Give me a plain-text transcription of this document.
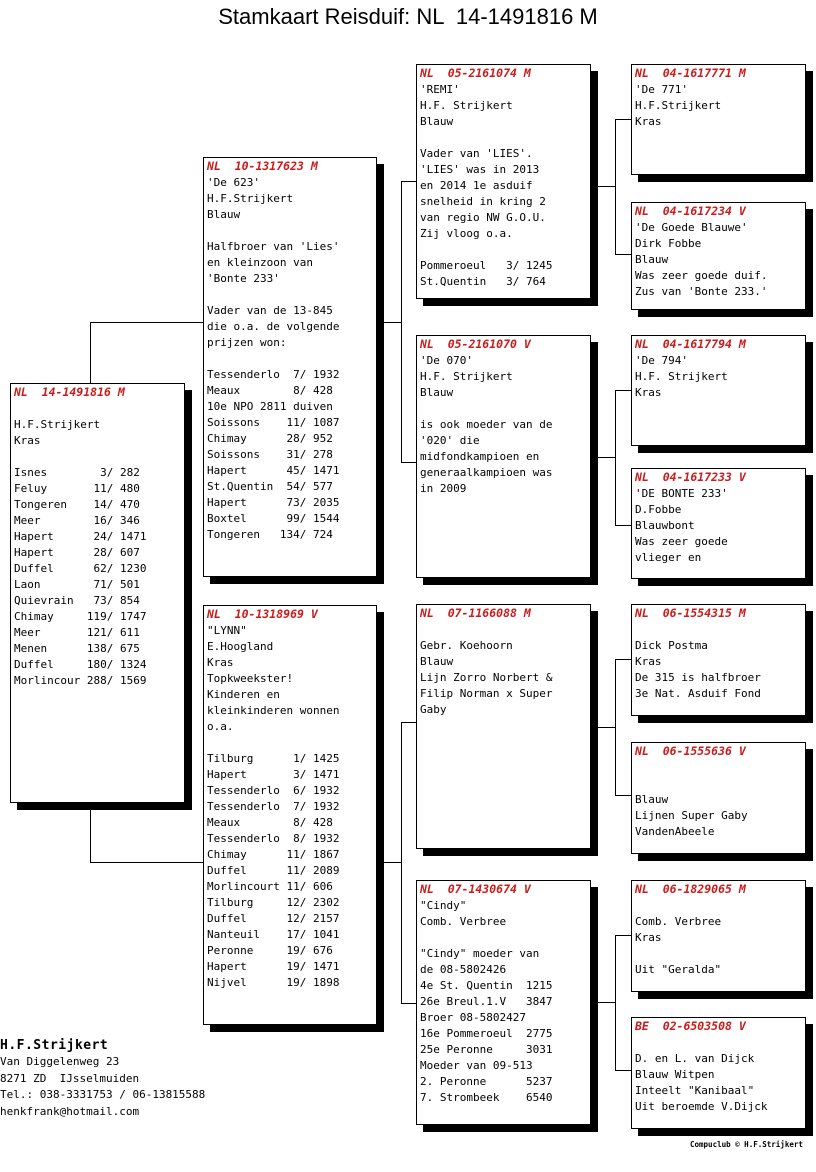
Stamkaart Reisduif: NL  14-1491816 M
NL  14-1491816 M
H.F.Strijkert
Kras
Isnes        3/ 282
Feluy       11/ 480
Tongeren    14/ 470
Meer        16/ 346
Hapert      24/ 1471
Hapert      28/ 607
Duffel      62/ 1230
Laon        71/ 501
Quievrain   73/ 854
Chimay     119/ 1747
Meer       121/ 611
Menen      138/ 675
Duffel     180/ 1324
Morlincour 288/ 1569
NL  10-1317623 M
'De 623'
H.F.Strijkert
Blauw
Halfbroer van 'Lies'
en kleinzoon van
'Bonte 233'
Vader van de 13-845
die o.a. de volgende
prijzen won:
Tessenderlo  7/ 1932
Meaux        8/ 428
10e NPO 2811 duiven
Soissons    11/ 1087
Chimay      28/ 952
Soissons    31/ 278
Hapert      45/ 1471
St.Quentin  54/ 577
Hapert      73/ 2035
Boxtel      99/ 1544
Tongeren   134/ 724
NL  10-1318969 V
"LYNN"
E.Hoogland
Kras
Topkweekster!
Kinderen en
kleinkinderen wonnen
o.a.
Tilburg      1/ 1425
Hapert       3/ 1471
Tessenderlo  6/ 1932
Tessenderlo  7/ 1932
Meaux        8/ 428
Tessenderlo  8/ 1932
Chimay      11/ 1867
Duffel      11/ 2089
Morlincourt 11/ 606
Tilburg     12/ 2302
Duffel      12/ 2157
Nanteuil    17/ 1041
Peronne     19/ 676
Hapert      19/ 1471
Nijvel      19/ 1898
NL  05-2161074 M
'REMI'
H.F. Strijkert
Blauw
Vader van 'LIES'.
'LIES' was in 2013
en 2014 1e asduif
snelheid in kring 2
van regio NW G.O.U.
Zij vloog o.a.
Pommeroeul   3/ 1245
St.Quentin   3/ 764
NL  05-2161070 V
'De 070'
H.F. Strijkert
Blauw
is ook moeder van de
'020' die
midfondkampioen en
generaalkampioen was
in 2009
NL  07-1166088 M
Gebr. Koehoorn
Blauw
Lijn Zorro Norbert &
Filip Norman x Super
Gaby
NL  07-1430674 V
"Cindy"
Comb. Verbree
"Cindy" moeder van
de 08-5802426
4e St. Quentin  1215
26e Breul.1.V   3847
Broer 08-5802427
16e Pommeroeul  2775
25e Peronne     3031
Moeder van 09-513
2. Peronne      5237
7. Strombeek    6540
NL  04-1617771 M
'De 771'
H.F.Strijkert
Kras
NL  04-1617234 V
'De Goede Blauwe'
Dirk Fobbe
Blauw
Was zeer goede duif.
Zus van 'Bonte 233.'
NL  04-1617794 M
'De 794'
H.F. Strijkert
Kras
NL  04-1617233 V
'DE BONTE 233'
D.Fobbe
Blauwbont
Was zeer goede
vlieger en
NL  06-1554315 M
Dick Postma
Kras
De 315 is halfbroer
3e Nat. Asduif Fond
NL  06-1555636 V
Blauw
Lijnen Super Gaby
VandenAbeele
NL  06-1829065 M
Comb. Verbree
Kras
Uit "Geralda"
BE  02-6503508 V
D. en L. van Dijck
Blauw Witpen
Inteelt "Kanibaal"
Uit beroemde V.Dijck
H.F.Strijkert
Van Diggelenweg 23
8271 ZD  IJsselmuiden
Tel.: 038-3331753 / 06-13815588
henkfrank@hotmail.com
Compuclub © H.F.Strijkert
